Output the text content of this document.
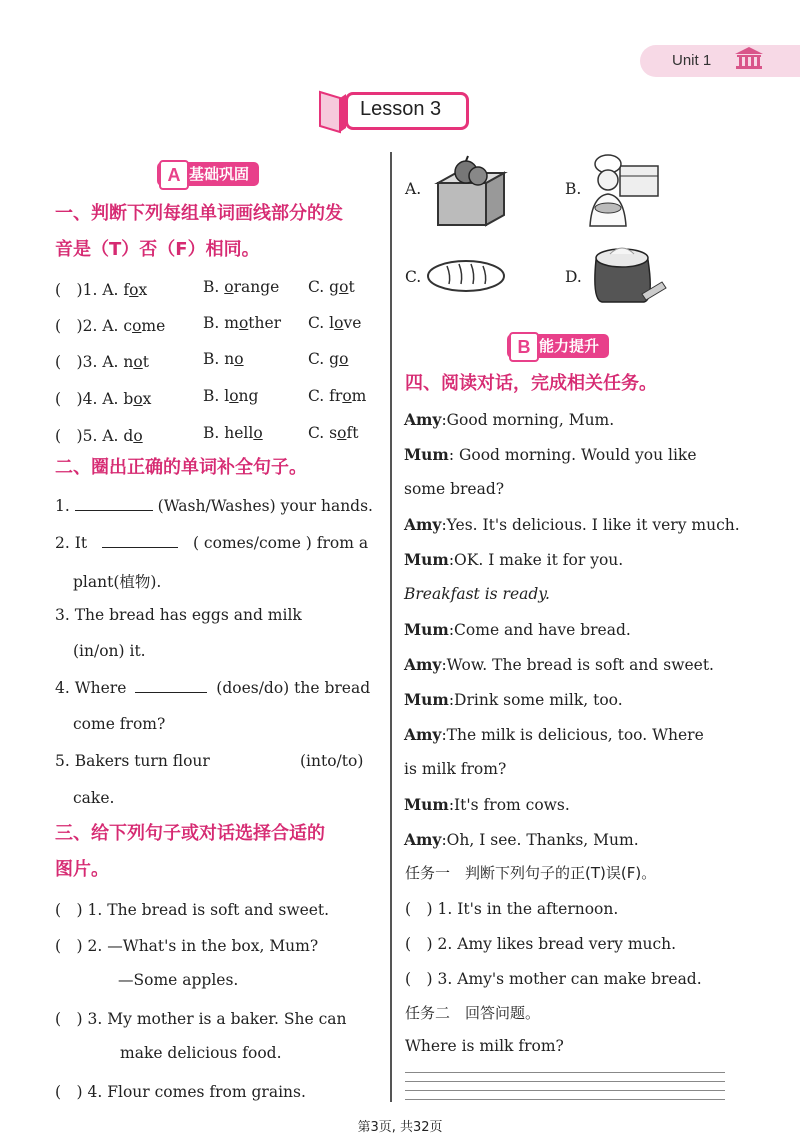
Unit 1
Lesson 3
A 基础巩固
一、判断下列每组单词画线部分的发
音是（T）否（F）相同。
(　)1. A. fox	B. orange C. got
(　)2. A. come B. mother C. love
(　)3. A. not	B. no	C. go
(　)4. A. box	B. long	C. from
(　)5. A. do	B. hello	C. soft
二、圈出正确的单词补全句子。
1.	(Wash/Washes) your hands.
2. It	( comes/come ) from a
plant(植物).
3. The bread has eggs and milk
(in/on) it.
4. Where	(does/do) the bread
come from?
5. Bakers turn flour	(into/to)
cake.
三、给下列句子或对话选择合适的
图片。
(　) 1. The bread is soft and sweet.
(　) 2. —What's in the box, Mum?
—Some apples.
(　) 3. My mother is a baker. She can
make delicious food.
(　) 4. Flour comes from grains.
A.	B.
C.	D.
B 能力提升
四、阅读对话，完成相关任务。
Amy:Good morning, Mum.
Mum: Good morning. Would you like
some bread?
Amy:Yes. It's delicious. I like it very much.
Mum:OK. I make it for you.
Breakfast is ready.
Mum:Come and have bread.
Amy:Wow. The bread is soft and sweet.
Mum:Drink some milk, too.
Amy:The milk is delicious, too. Where
is milk from?
Mum:It's from cows.
Amy:Oh, I see. Thanks, Mum.
任务一　判断下列句子的正(T)误(F)。
(　) 1. It's in the afternoon.
(　) 2. Amy likes bread very much.
(　) 3. Amy's mother can make bread.
任务二　回答问题。
Where is milk from?
第3页, 共32页
